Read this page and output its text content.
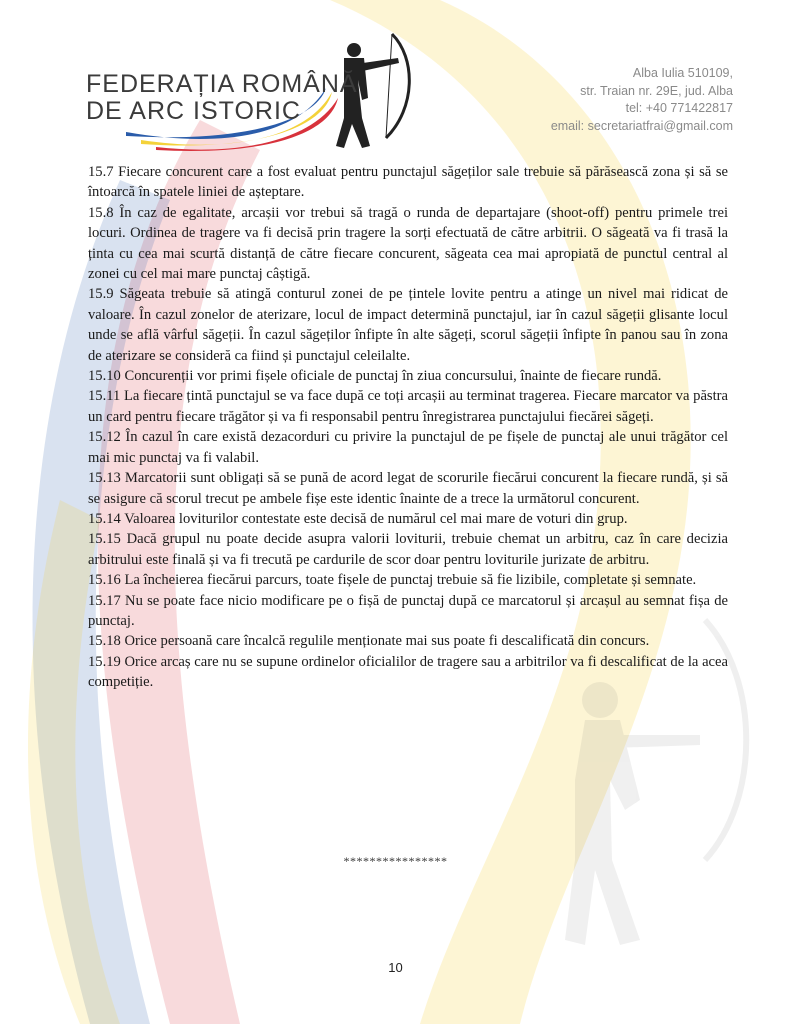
FEDERAȚIA ROMÂNĂ
DE ARC ISTORIC
Alba Iulia 510109,
str. Traian nr. 29E, jud. Alba
tel: +40 771422817
email: secretariatfrai@gmail.com

15.7 Fiecare concurent care a fost evaluat pentru punctajul săgeților sale trebuie să părăsească zona și să se întoarcă în spatele liniei de așteptare.

15.8 În caz de egalitate, arcașii vor trebui să tragă o runda de departajare (shoot-off) pentru primele trei locuri. Ordinea de tragere va fi decisă prin tragere la sorți efectuată de către arbitrii. O săgeată va fi trasă la ținta cu cea mai scurtă distanță de către fiecare concurent, săgeata cea mai apropiată de punctul central al zonei cu cel mai mare punctaj câștigă.

15.9 Săgeata trebuie să atingă conturul zonei de pe țintele lovite pentru a atinge un nivel mai ridicat de valoare. În cazul zonelor de aterizare, locul de impact determină punctajul, iar în cazul săgeții glisante locul unde se află vârful săgeții. În cazul săgeților înfipte în alte săgeți, scorul săgeții înfipte în panou sau în zona de aterizare se consideră ca fiind și punctajul celeilalte.

15.10 Concurenții vor primi fișele oficiale de punctaj în ziua concursului, înainte de fiecare rundă.

15.11 La fiecare țintă punctajul se va face după ce toți arcașii au terminat tragerea. Fiecare marcator va păstra un card pentru fiecare trăgător și va fi responsabil pentru înregistrarea punctajului fiecărei săgeți.

15.12 În cazul în care există dezacorduri cu privire la punctajul de pe fișele de punctaj ale unui trăgător cel mai mic punctaj va fi valabil.

15.13 Marcatorii sunt obligați să se pună de acord legat de scorurile fiecărui concurent la fiecare rundă, și să se asigure că scorul trecut pe ambele fișe este identic înainte de a trece la următorul concurent.

15.14 Valoarea loviturilor contestate este decisă de numărul cel mai mare de voturi din grup.

15.15 Dacă grupul nu poate decide asupra valorii loviturii, trebuie chemat un arbitru, caz în care decizia arbitrului este finală și va fi trecută pe cardurile de scor doar pentru loviturile jurizate de arbitru.

15.16 La încheierea fiecărui parcurs, toate fișele de punctaj trebuie să fie lizibile, completate și semnate.

15.17 Nu se poate face nicio modificare pe o fișă de punctaj după ce marcatorul și arcașul au semnat fișa de punctaj.

15.18 Orice persoană care încalcă regulile menționate mai sus poate fi descalificată din concurs.

15.19 Orice arcaș care nu se supune ordinelor oficialilor de tragere sau a arbitrilor va fi descalificat de la acea competiție.

****************
10
